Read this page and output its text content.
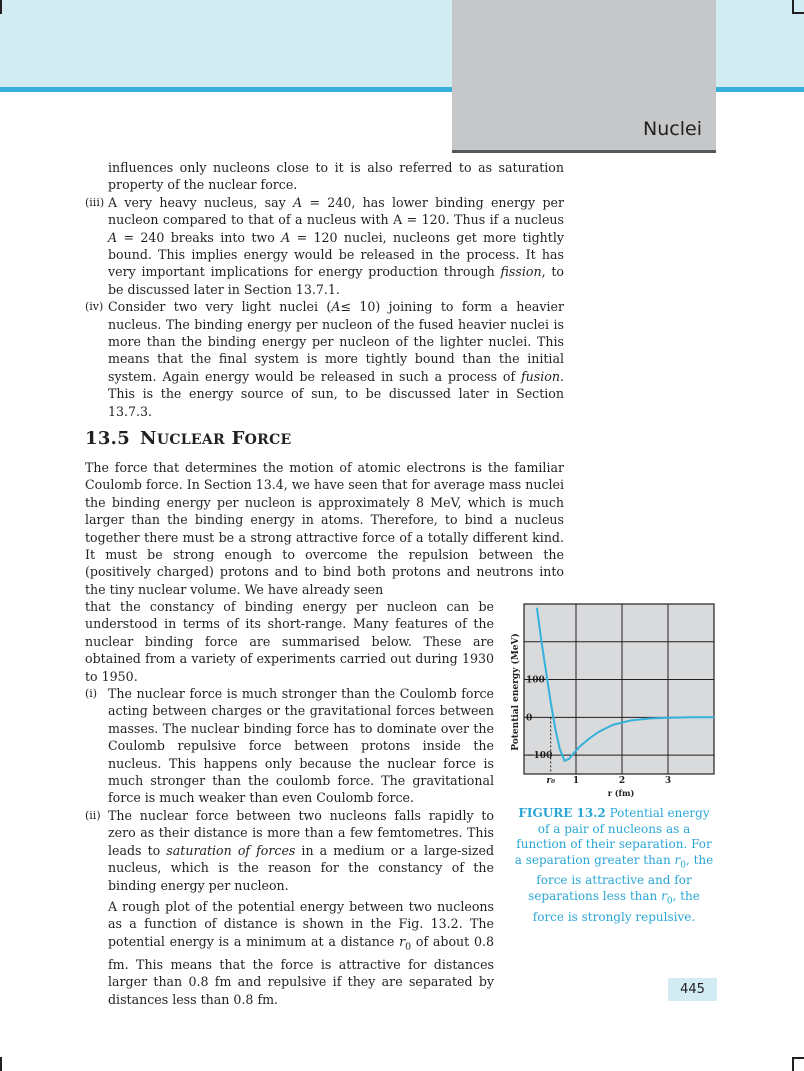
Nuclei

influences only nucleons close to it is also referred to as saturation property of the nuclear force.

(iii) A very heavy nucleus, say A = 240, has lower binding energy per nucleon compared to that of a nucleus with A = 120. Thus if a nucleus A = 240 breaks into two A = 120 nuclei, nucleons get more tightly bound. This implies energy would be released in the process. It has very important implications for energy production through fission, to be discussed later in Section 13.7.1.

(iv) Consider two very light nuclei (A≤ 10) joining to form a heavier nucleus. The binding energy per nucleon of the fused heavier nuclei is more than the binding energy per nucleon of the lighter nuclei. This means that the final system is more tightly bound than the initial system. Again energy would be released in such a process of fusion. This is the energy source of sun, to be discussed later in Section 13.7.3.

13.5 NUCLEAR FORCE

The force that determines the motion of atomic electrons is the familiar Coulomb force. In Section 13.4, we have seen that for average mass nuclei the binding energy per nucleon is approximately 8 MeV, which is much larger than the binding energy in atoms. Therefore, to bind a nucleus together there must be a strong attractive force of a totally different kind. It must be strong enough to overcome the repulsion between the (positively charged) protons and to bind both protons and neutrons into the tiny nuclear volume. We have already seen

that the constancy of binding energy per nucleon can be understood in terms of its short-range. Many features of the nuclear binding force are summarised below. These are obtained from a variety of experiments carried out during 1930 to 1950.

(i) The nuclear force is much stronger than the Coulomb force acting between charges or the gravitational forces between masses. The nuclear binding force has to dominate over the Coulomb repulsive force between protons inside the nucleus. This happens only because the nuclear force is much stronger than the coulomb force. The gravitational force is much weaker than even Coulomb force.

(ii) The nuclear force between two nucleons falls rapidly to zero as their distance is more than a few femtometres. This leads to saturation of forces in a medium or a large-sized nucleus, which is the reason for the constancy of the binding energy per nucleon.

A rough plot of the potential energy between two nucleons as a function of distance is shown in the Fig. 13.2. The potential energy is a minimum at a distance $r_0$ of about 0.8 fm. This means that the force is attractive for distances larger than 0.8 fm and repulsive if they are separated by distances less than 0.8 fm.

100
0
−100
r₀ 1	2	3
Potential energy (MeV)
r (fm)
FIGURE 13.2 Potential energy of a pair of nucleons as a function of their separation. For a separation greater than $r_0$, the force is attractive and for separations less than $r_0$, the force is strongly repulsive.
445
